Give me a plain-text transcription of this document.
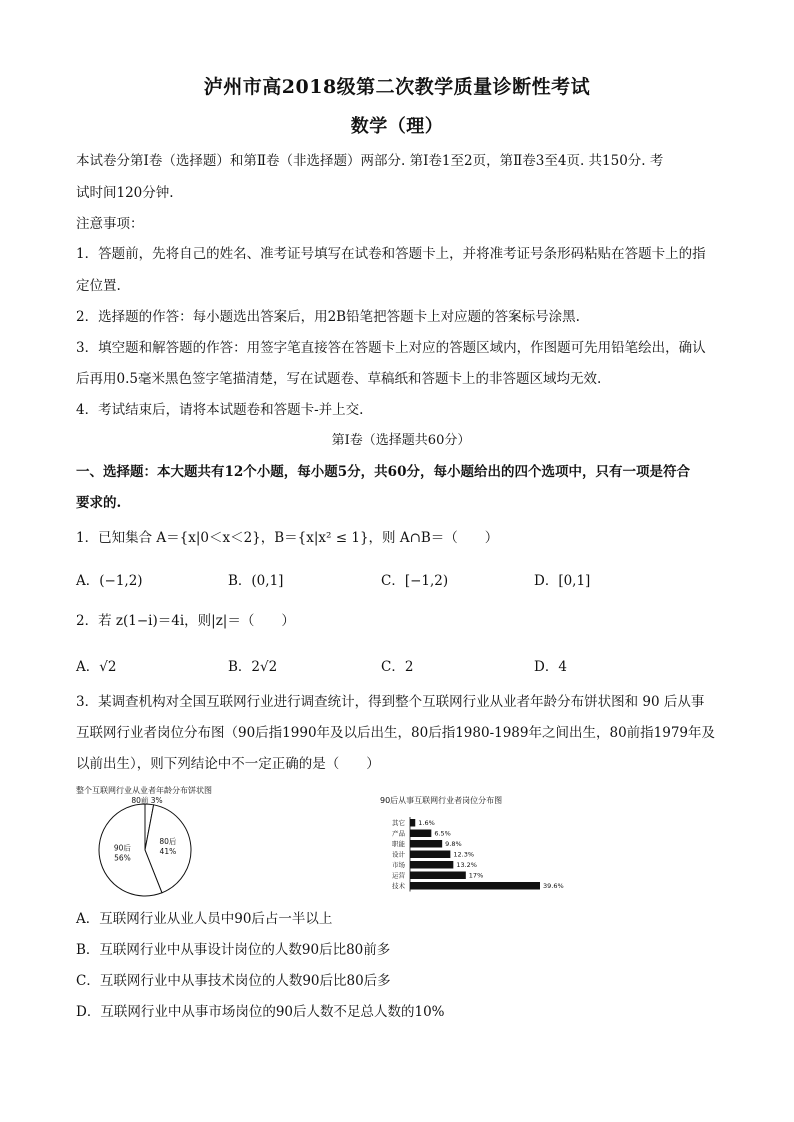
泸州市高2018级第二次教学质量诊断性考试
数学（理）
本试卷分第Ⅰ卷（选择题）和第Ⅱ卷（非选择题）两部分. 第Ⅰ卷1至2页，第Ⅱ卷3至4页. 共150分. 考
试时间120分钟.
注意事项：
1．答题前，先将自己的姓名、准考证号填写在试卷和答题卡上，并将准考证号条形码粘贴在答题卡上的指
定位置.
2．选择题的作答：每小题选出答案后，用2B铅笔把答题卡上对应题的答案标号涂黑.
3．填空题和解答题的作答：用签字笔直接答在答题卡上对应的答题区域内，作图题可先用铅笔绘出，确认
后再用0.5毫米黑色签字笔描清楚，写在试题卷、草稿纸和答题卡上的非答题区域均无效.
4．考试结束后，请将本试题卷和答题卡-并上交.
第Ⅰ卷（选择题共60分）
一、选择题：本大题共有12个小题，每小题5分，共60分，每小题给出的四个选项中，只有一项是符合
要求的.
1．已知集合 A＝{x|0＜x＜2}，B＝{x|x² ≤ 1}，则 A∩B＝（　　）
A．(−1,2)	B．(0,1]	C．[−1,2)	D．[0,1]
2．若 z(1−i)＝4i，则|z|＝（　　）
A．√2	B．2√2	C．2	D．4
3．某调查机构对全国互联网行业进行调查统计，得到整个互联网行业从业者年龄分布饼状图和 90 后从事
互联网行业者岗位分布图（90后指1990年及以后出生，80后指1980-1989年之间出生，80前指1979年及
以前出生），则下列结论中不一定正确的是（　　）
整个互联网行业从业者年龄分布饼状图
90后 56%
80后 41%
80前 3%	90后从事互联网行业者岗位分布图
其它 1.6%
产品	6.5%
职能	9.8%
设计	12.3%
市场	13.2%
运营	17%
技术	39.6%
A．互联网行业从业人员中90后占一半以上
B．互联网行业中从事设计岗位的人数90后比80前多
C．互联网行业中从事技术岗位的人数90后比80后多
D．互联网行业中从事市场岗位的90后人数不足总人数的10%
